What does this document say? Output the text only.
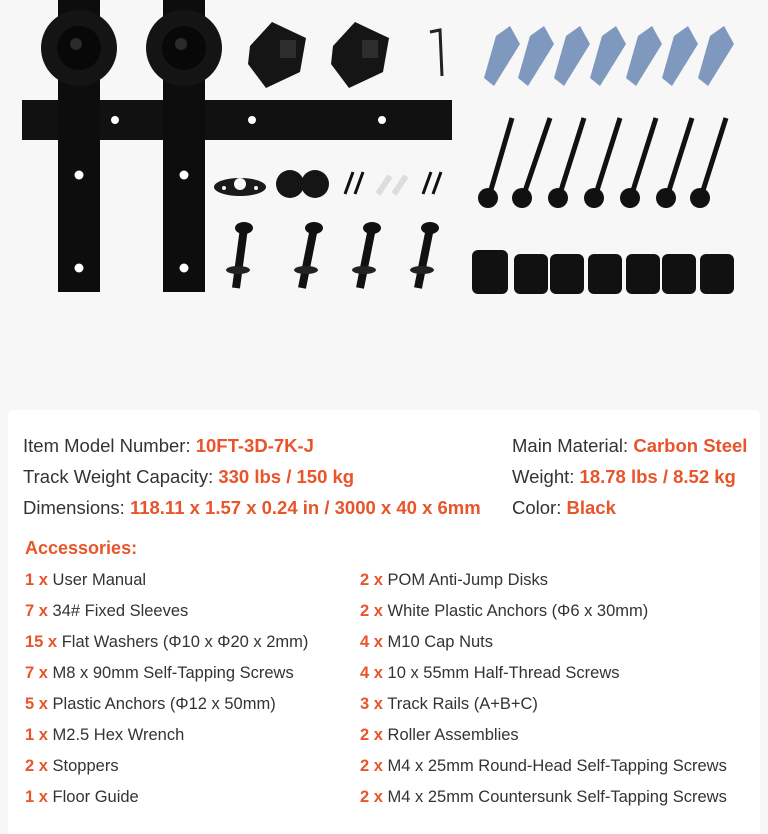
Item Model Number: 10FT-3D-7K-J
Track Weight Capacity: 330 lbs / 150 kg
Dimensions: 118.11 x 1.57 x 0.24 in / 3000 x 40 x 6mm
Main Material: Carbon Steel
Weight: 18.78 lbs / 8.52 kg
Color: Black
Accessories:
1 x User Manual
7 x 34# Fixed Sleeves
15 x Flat Washers (Φ10 x Φ20 x 2mm)
7 x M8 x 90mm Self-Tapping Screws
5 x Plastic Anchors (Φ12 x 50mm)
1 x M2.5 Hex Wrench
2 x Stoppers
1 x Floor Guide
2 x POM Anti-Jump Disks
2 x White Plastic Anchors (Φ6 x 30mm)
4 x M10 Cap Nuts
4 x 10 x 55mm Half-Thread Screws
3 x Track Rails (A+B+C)
2 x Roller Assemblies
2 x M4 x 25mm Round-Head Self-Tapping Screws
2 x M4 x 25mm Countersunk Self-Tapping Screws
